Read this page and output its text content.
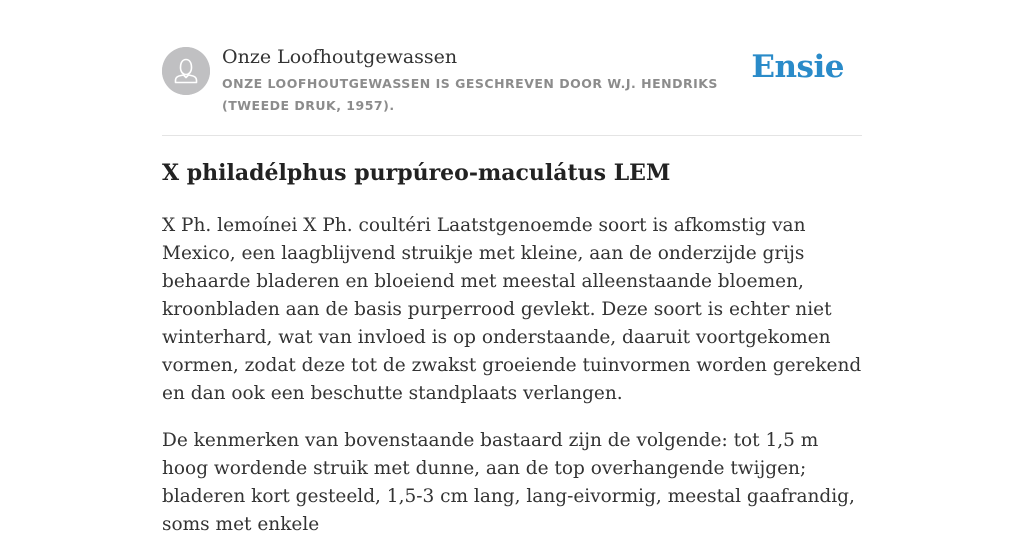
Onze Loofhoutgewassen
ONZE LOOFHOUTGEWASSEN IS GESCHREVEN DOOR W.J. HENDRIKS (TWEEDE DRUK, 1957).
Ensie
X philadélphus purpúreo-maculátus LEM

X Ph. lemoínei X Ph. coultéri Laatstgenoemde soort is afkomstig van Mexico, een laagblijvend struikje met kleine, aan de onderzijde grijs behaarde bladeren en bloeiend met meestal alleenstaande bloemen, kroonbladen aan de basis purperrood gevlekt. Deze soort is echter niet winterhard, wat van invloed is op onderstaande, daaruit voortgekomen vormen, zodat deze tot de zwakst groeiende tuinvormen worden gerekend en dan ook een beschutte standplaats verlangen.

De kenmerken van bovenstaande bastaard zijn de volgende: tot 1,5 m hoog wordende struik met dunne, aan de top overhangende twijgen; bladeren kort gesteeld, 1,5-3 cm lang, lang-eivormig, meestal gaafrandig, soms met enkele
